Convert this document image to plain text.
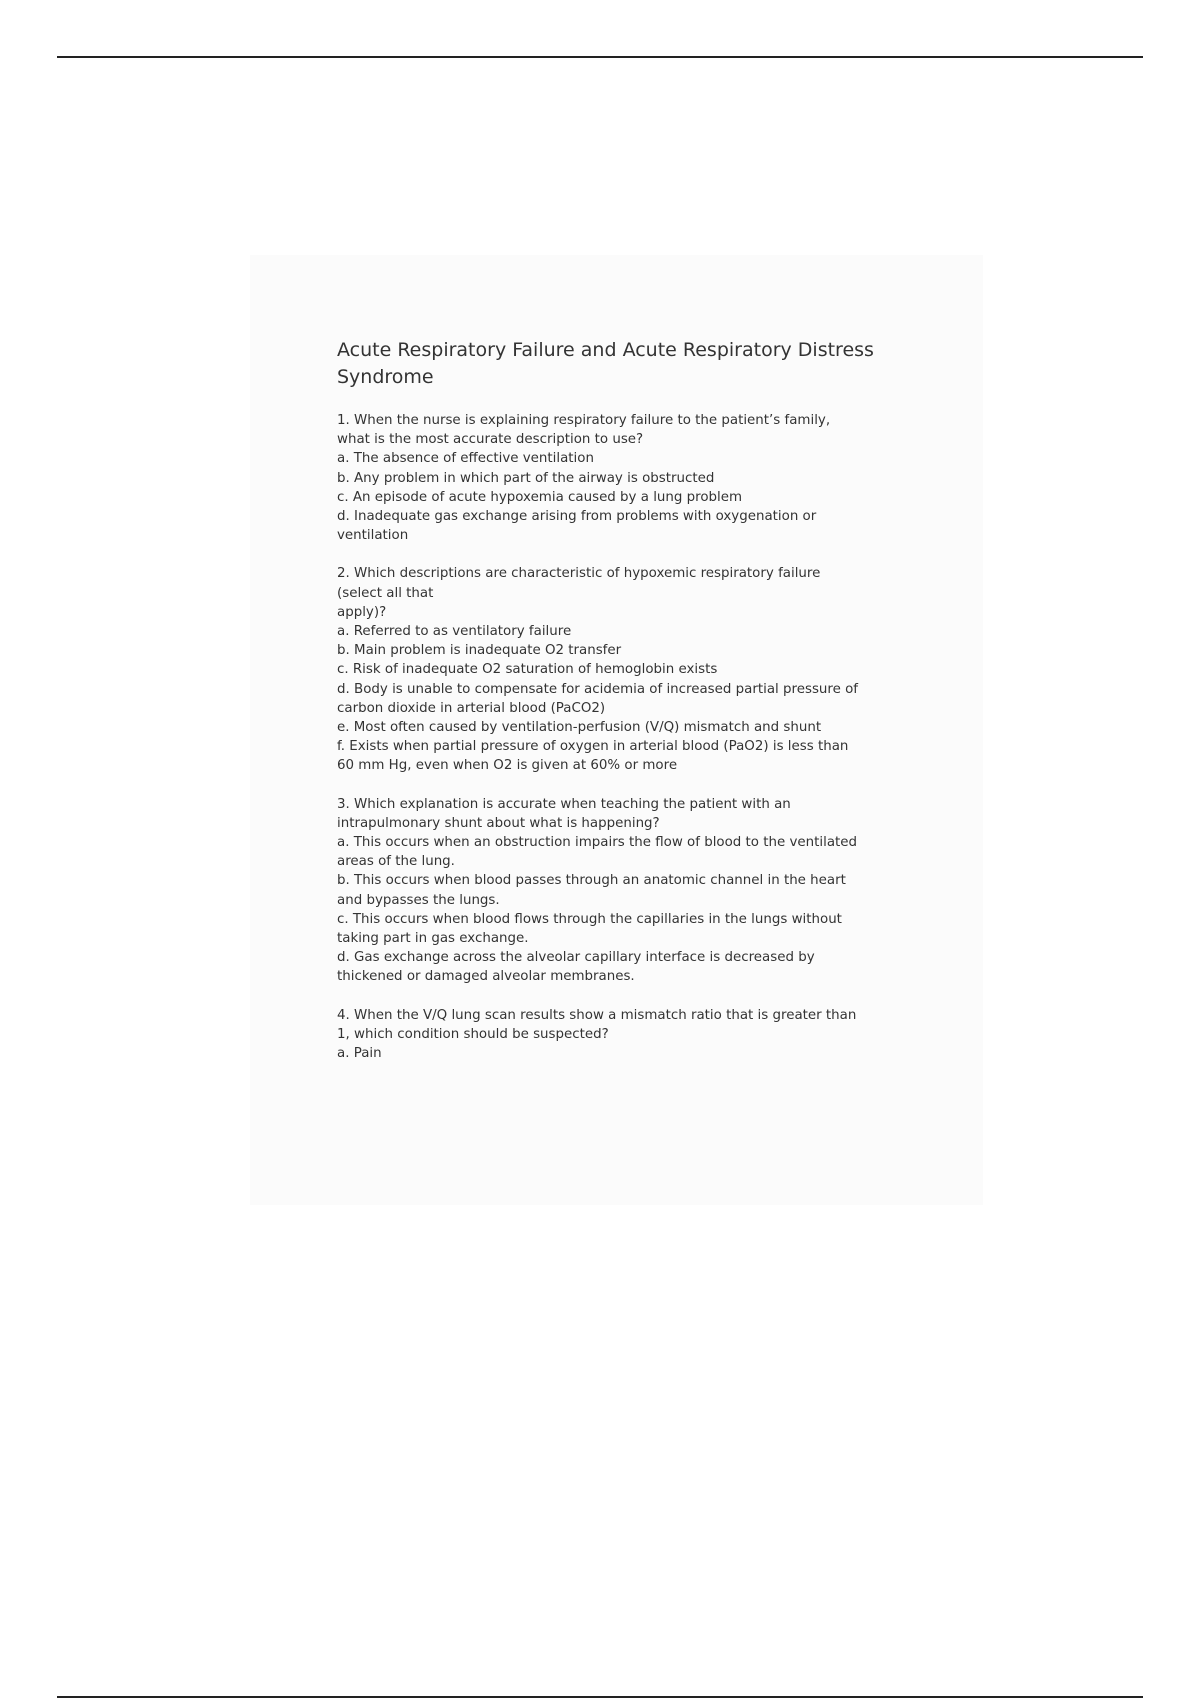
Acute Respiratory Failure and Acute Respiratory Distress
Syndrome

1. When the nurse is explaining respiratory failure to the patient’s family,

what is the most accurate description to use?

a. The absence of effective ventilation

b. Any problem in which part of the airway is obstructed

c. An episode of acute hypoxemia caused by a lung problem

d. Inadequate gas exchange arising from problems with oxygenation or

ventilation

2. Which descriptions are characteristic of hypoxemic respiratory failure

(select all that

apply)?

a. Referred to as ventilatory failure

b. Main problem is inadequate O2 transfer

c. Risk of inadequate O2 saturation of hemoglobin exists

d. Body is unable to compensate for acidemia of increased partial pressure of

carbon dioxide in arterial blood (PaCO2)

e. Most often caused by ventilation-perfusion (V/Q) mismatch and shunt

f. Exists when partial pressure of oxygen in arterial blood (PaO2) is less than

60 mm Hg, even when O2 is given at 60% or more

3. Which explanation is accurate when teaching the patient with an

intrapulmonary shunt about what is happening?

a. This occurs when an obstruction impairs the flow of blood to the ventilated

areas of the lung.

b. This occurs when blood passes through an anatomic channel in the heart

and bypasses the lungs.

c. This occurs when blood flows through the capillaries in the lungs without

taking part in gas exchange.

d. Gas exchange across the alveolar capillary interface is decreased by

thickened or damaged alveolar membranes.

4. When the V/Q lung scan results show a mismatch ratio that is greater than

1, which condition should be suspected?

a. Pain
